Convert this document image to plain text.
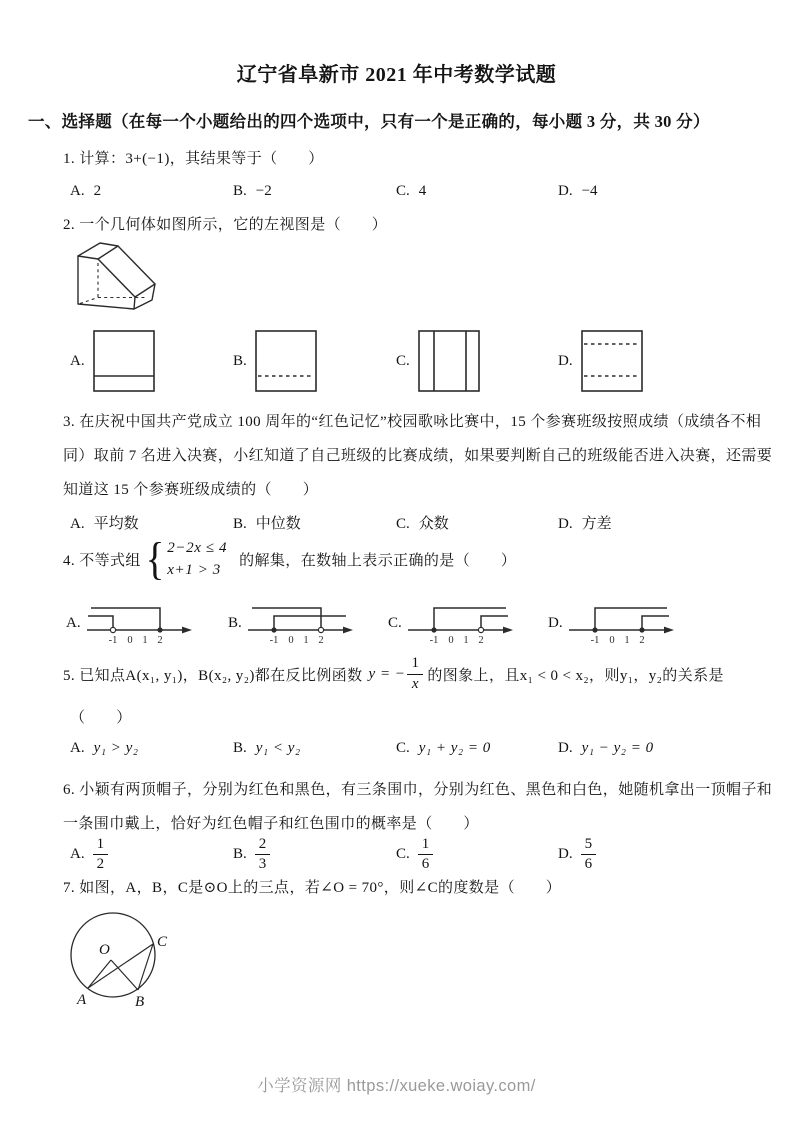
辽宁省阜新市 2021 年中考数学试题
一、选择题（在每一个小题给出的四个选项中，只有一个是正确的，每小题 3 分，共 30 分）
1. 计算：3+(−1)，其结果等于（　　）
A. 2	B. −2	C. 4	D. −4
2. 一个几何体如图所示，它的左视图是（　　）
A.	B.	C.	D.
3. 在庆祝中国共产党成立 100 周年的“红色记忆”校园歌咏比赛中，15 个参赛班级按照成绩（成绩各不相
同）取前 7 名进入决赛，小红知道了自己班级的比赛成绩，如果要判断自己的班级能否进入决赛，还需要
知道这 15 个参赛班级成绩的（　　）
A. 平均数	B. 中位数	C. 众数	D. 方差
4. 不等式组 { 2−2x ≤ 4
x+1 > 3
的解集，在数轴上表示正确的是（　　）
A.
-1 0 1 2
B.
-1 0 1 2
C.
-1 0 1 2
D.
-1 0 1 2
5. 已知点A(x₁, y₁)，B(x₂, y₂)都在反比例函数 y = − $\frac{1}{x}$ 的图象上，且x₁ < 0 < x₂，则y₁，y₂的关系是
（　　）
A. y₁ > y₂	B. y₁ < y₂	C. y₁ + y₂ = 0	D. y₁ − y₂ = 0
6. 小颖有两顶帽子，分别为红色和黑色，有三条围巾，分别为红色、黑色和白色，她随机拿出一顶帽子和
一条围巾戴上，恰好为红色帽子和红色围巾的概率是（　　）
A. $\frac{1}{2}$	B. $\frac{2}{3}$	C. $\frac{1}{6}$	D. $\frac{5}{6}$
7. 如图，A，B，C是⊙O上的三点，若∠O = 70°，则∠C的度数是（　　）
O
A	B
C
小学资源网 https://xueke.woiay.com/
